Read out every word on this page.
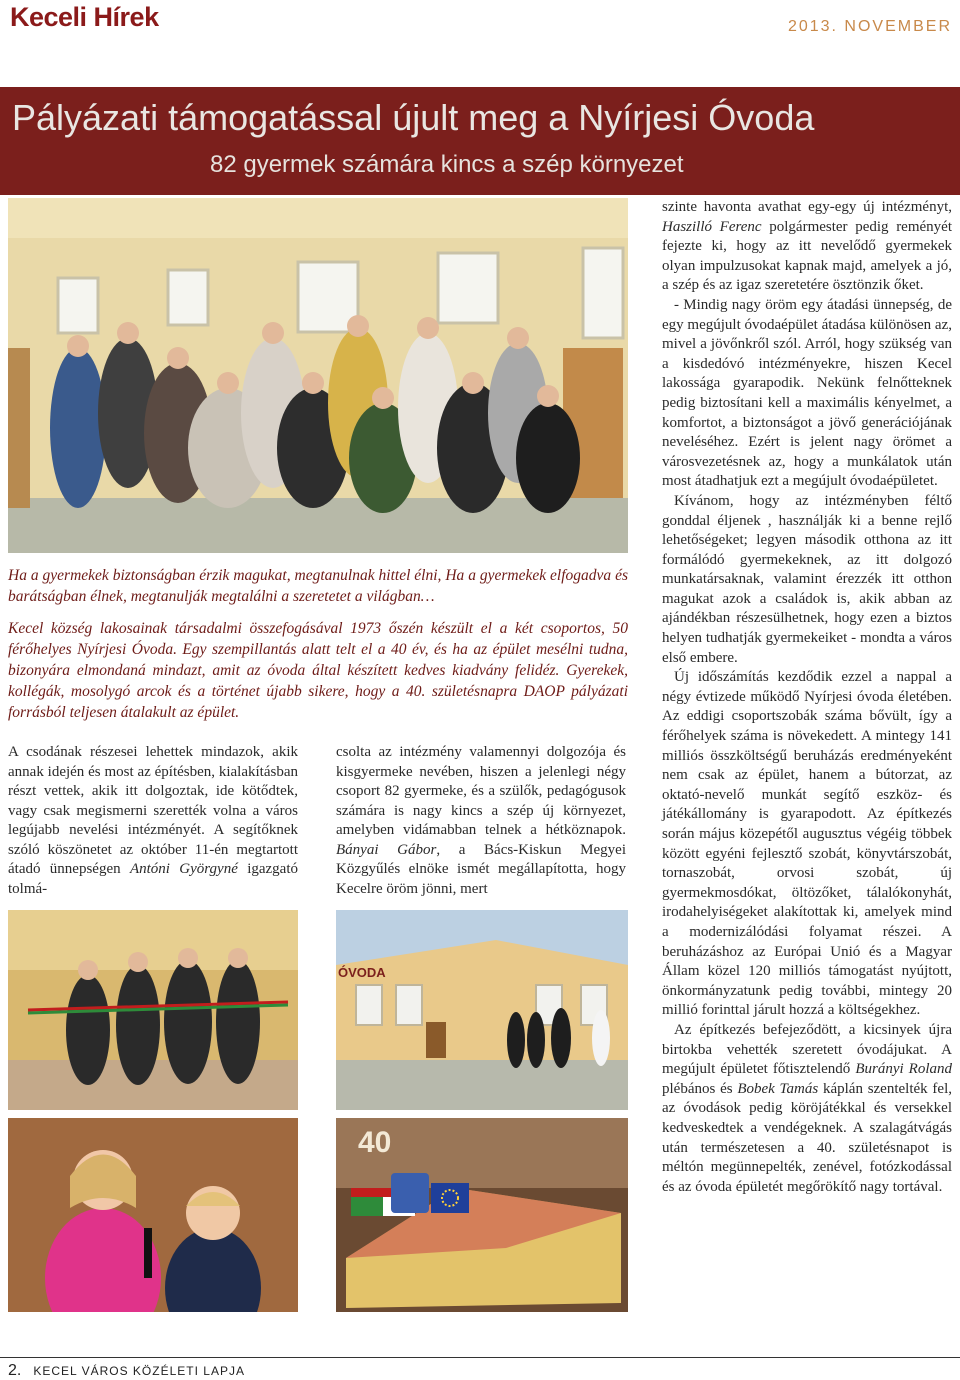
Keceli Hírek	2013. NOVEMBER
Pályázati támogatással újult meg a Nyírjesi Óvoda
82 gyermek számára kincs a szép környezet

Ha a gyermekek biztonságban érzik magukat, megtanulnak hittel élni, Ha a gyermekek elfogadva és barátságban élnek, megtanulják megtalálni a szeretetet a világban…

Kecel község lakosainak társadalmi összefogásával 1973 őszén készült el a két csoportos, 50 férőhelyes Nyírjesi Óvoda. Egy szempillantás alatt telt el a 40 év, és ha az épület mesélni tudna, bizonyára elmondaná mindazt, amit az óvoda által készített kedves kiadvány felidéz. Gyerekek, kollégák, mosolygó arcok és a történet újabb sikere, hogy a 40. születésnapra DAOP pályázati forrásból teljesen átalakult az épület.

A csodának részesei lehettek mindazok, akik annak idején és most az építésben, kialakításban részt vettek, akik itt dolgoztak, ide kötődtek, vagy csak megismerni szerették volna a város legújabb nevelési intézményét. A segítőknek szóló köszönetet az október 11-én megtartott átadó ünnepségen Antóni Györgyné igazgató tolmá-

csolta az intézmény valamennyi dolgozója és kisgyermeke nevében, hiszen a jelenlegi négy csoport 82 gyermeke, és a szülők, pedagógusok számára is nagy kincs a szép új környezet, amelyben vidámabban telnek a hétköznapok. Bányai Gábor, a Bács-Kiskun Megyei Közgyűlés elnöke ismét megállapította, hogy Kecelre öröm jönni, mert

ÓVODA
40

szinte havonta avathat egy-egy új intézményt, Haszilló Ferenc polgármester pedig reményét fejezte ki, hogy az itt nevelődő gyermekek olyan impulzusokat kapnak majd, amelyek a jó, a szép és az igaz szeretetére ösztönzik őket.

- Mindig nagy öröm egy átadási ünnepség, de egy megújult óvodaépület átadása különösen az, mivel a jövőnkről szól. Arról, hogy szükség van a kisdedóvó intézményekre, hiszen Kecel lakossága gyarapodik. Nekünk felnőtteknek pedig biztosítani kell a maximális kényelmet, a komfortot, a biztonságot a jövő generációjának neveléséhez. Ezért is jelent nagy örömet a városvezetésnek az, hogy a munkálatok után most átadhatjuk ezt a megújult óvodaépületet.

Kívánom, hogy az intézményben féltő gonddal éljenek , használják ki a benne rejlő lehetőségeket; legyen második otthona az itt formálódó gyermekeknek, az itt dolgozó munkatársaknak, valamint érezzék itt otthon magukat azok a családok is, akik abban az ajándékban részesülhetnek, hogy ezen a biztos helyen tudhatják gyermekeiket - mondta a város első embere.

Új időszámítás kezdődik ezzel a nappal a négy évtizede működő Nyírjesi óvoda életében. Az eddigi csoportszobák száma bővült, így a férőhelyek száma is növekedett. A mintegy 141 milliós összköltségű beruházás eredményeként nem csak az épület, hanem a bútorzat, az oktató-nevelő munkát segítő eszköz- és játékállomány is gyarapodott. Az építkezés során május közepétől augusztus végéig többek között egyéni fejlesztő szobát, könyvtárszobát, tornaszobát, orvosi szobát, új gyermekmosdókat, öltözőket, tálalókonyhát, irodahelyiségeket alakítottak ki, amelyek mind a modernizálódási folyamat részei. A beruházáshoz az Európai Unió és a Magyar Állam közel 120 milliós támogatást nyújtott, önkormányzatunk pedig további, mintegy 20 millió forinttal járult hozzá a költségekhez.

Az építkezés befejeződött, a kicsinyek újra birtokba vehették szeretett óvodájukat. A megújult épületet főtisztelendő Burányi Roland plébános és Bobek Tamás káplán szentelték fel, az óvodások pedig köröjátékkal és versekkel kedveskedtek a vendégeknek. A szalagátvágás után természetesen a 40. születésnapot is méltón megünnepelték, zenével, fotózkodással és az óvoda épületét megőrökítő nagy tortával.

2. KECEL VÁROS KÖZÉLETI LAPJA
